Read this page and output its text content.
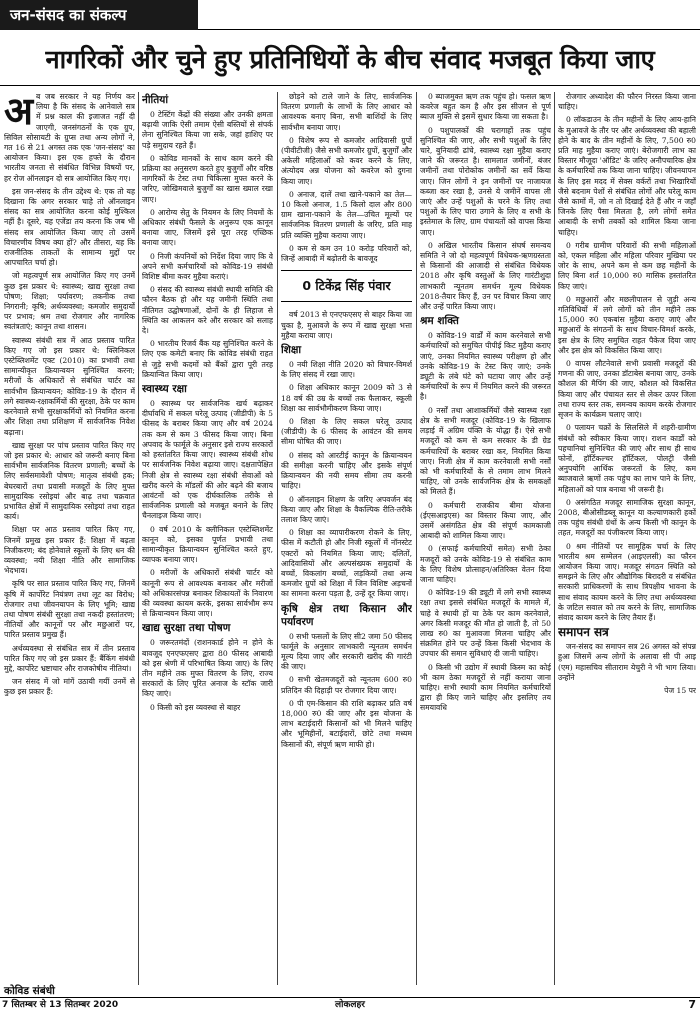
जन-संसद का संकल्प
नागरिकों और चुने हुए प्रतिनिधियों के बीच संवाद मजबूत किया जाए

अब जब सरकार ने यह निर्णय कर लिया है कि संसद के आनेवाले सत्र में प्रश्न काल की इजाजत नहीं दी जाएगी, जनसंगठनों के एक ग्रुप, सिविल सोसायटी के ग्रुप्स तथा अन्य लोगों ने, गत 16 से 21 अगस्त तक एक 'जन-संसद' का आयोजन किया। इस एक हफ्ते के दौरान भारतीय जनता से संबंधित विभिन्न विषयों पर, हर रोज ऑनलाइन दो सत्र आयोजित किए गए।

इस जन-संसद के तीन उद्देश्य थे: एक तो यह दिखाना कि अगर सरकार चाहे तो ऑनलाइन संसद का सत्र आयोजित करना कोई मुश्किल नहीं है। दूसरे, यह एजेंडा तय करना कि जब भी संसद सत्र आयोजित किया जाए तो उसमें विचारणीय विषय क्या हों? और तीसरा, यह कि राजनीतिक ताकतों के सामान्य मुद्दों पर आपचारित चर्चा हो।

जो महत्वपूर्ण सत्र आयोजित किए गए उनमें कुछ इस प्रकार थे: स्वास्थ्य; खाद्य सुरक्षा तथा पोषण; शिक्षा; पर्यावरण; तकनीक तथा निगरानी; कृषि; अर्थव्यवस्था; कमजोर समुदायों पर प्रभाव; श्रम तथा रोजगार और नागरिक स्वतंत्रताएं; कानून तथा शासन।

स्वास्थ्य संबंधी सत्र में आठ प्रस्ताव पारित किए गए जो इस प्रकार थे: क्लिनिकल एस्टेब्लिशमेंट एक्ट (2010) का प्रभावी तथा सामान्यीकृत क्रियान्वयन सुनिश्चित करना; मरीजों के अधिकारों से संबंधित चार्टर का सार्वभौम क्रियान्वयन; कोविड-19 के दौरान में लगे स्वास्थ्य-रक्षाकर्मियों की सुरक्षा, ठेके पर काम करनेवाले सभी सुरक्षाकर्मियों को नियमित करना और शिक्षा तथा प्रशिक्षण में सार्वजनिक निवेश बढ़ाना।

खाद्य सुरक्षा पर पांच प्रस्ताव पारित किए गए जो इस प्रकार थे: आधार को जरूरी बनाए बिना सार्वभौम सार्वजनिक वितरण प्रणाली; बच्चों के लिए सर्वसमावेशी पोषण; मातृत्व संबंधी हक; बेघरबारों तथा प्रवासी मजदूरों के लिए मुफ्त सामुदायिक रसोइयां और बाढ़ तथा चक्रवात प्रभावित क्षेत्रों में सामुदायिक रसोइयां तथा राहत कार्य।

शिक्षा पर आठ प्रस्ताव पारित किए गए, जिनमें प्रमुख इस प्रकार हैं: शिक्षा में बढ़ता निजीकरण; बंद होनेवाले स्कूलों के लिए धन की व्यवस्था; नयी शिक्षा नीति और सामाजिक भेदभाव।

कृषि पर सात प्रस्ताव पारित किए गए, जिनमें कृषि में कार्पोरेट नियंत्रण तथा लूट का विरोध; रोजगार तथा जीवनयापन के लिए भूमि; खाद्य तथा पोषण संबंधी सुरक्षा तथा नकदी हस्तांतरण; नीतियों और कानूनों पर और मछुआरों पर, पारित प्रस्ताव प्रमुख हैं।

अर्थव्यवस्था से संबंधित सत्र में तीन प्रस्ताव पारित किए गए जो इस प्रकार हैं: बैंकिंग संबंधी मुद्दे, कार्पोरेट भ्रष्टाचार और राजकोषीय नीतियां।

जन संसद में जो मांगें उठायी गयीं उनमें से कुछ इस प्रकार हैं:

कोविड संबंधी
नीतियां

0 टेस्टिंग केंद्रों की संख्या और उनकी क्षमता बढ़ायी जाकि ऐसी तमाम ऐसी बस्तियों से संपर्क लेना सुनिश्चित किया जा सके, जहां हाशिए पर पड़े समुदाय रहते हैं।

0 कोविड मानकों के साथ काम करने की प्रक्रिया का अनुसरण करते हुए बुजुर्गों और वरिष्ठ नागरिकों के टेस्ट तथा चिकित्सा मुफ्त करने के जरिए, जोखिमवाले बुजुर्गों का खास ख्याल रखा जाए।

0 आरोग्य सेतु के नियमन के लिए नियमों के अधिकार संबंधी फैसले के अनुरूप एक कानून बनाया जाए, जिसमें इसे पूरा तरह एच्छिक बनाया जाए।

0 निजी कंपनियों को निर्देश दिया जाए कि वे अपने सभी कर्मचारियों को कोविड-19 संबंधी विशिष्ट बीमा कवर मुहैया कराएं।

0 संसद की स्वास्थ्य संबंधी स्थायी समिति की फौरन बैठक हो और यह जमीनी स्थिति तथा नीतिगत उद्घोषणाओं, दोनों के ही लिहाज से स्थिति का आकलन करे और सरकार को सलाह दे।

0 भारतीय रिजर्व बैंक यह सुनिश्चित करने के लिए एक कमेटी बनाए कि कोविड संबंधी राहत से जुड़े सभी कदमों को बैंकों द्वारा पूरी तरह क्रियान्वित किया जाए।

स्वास्थ्य रक्षा

0 स्वास्थ्य पर सार्वजनिक खर्च बढ़ाकर दीर्घावधि में सकल घरेलू उत्पाद (जीडीपी) के 5 फीसद के बराबर किया जाए और वर्ष 2024 तक कम से कम 3 फीसद किया जाए। बिना अपवाद के फार्मूले के अनुसार इसे राज्य सरकारों को हस्तांतरित किया जाए। स्वास्थ्य संबंधी शोध पर सार्वजनिक निवेश बढ़ाया जाए। दक्षतापेक्षित निजी क्षेत्र से स्वास्थ्य रक्षा संबंधी सेवाओं को खरीद करने के मॉडलों की ओर बढ़ने की बजाय आवंटनों को एक दीर्घकालिक तरीके से सार्वजनिक प्रणाली को मजबूत बनाने के लिए चैनलाइज किया जाए।

0 वर्ष 2010 के क्लीनिकल एस्टेब्लिशमेंट कानून को, इसका पूर्णत प्रभावी तथा सामान्यीकृत क्रियान्वयन सुनिश्चित करते हुए, व्यापक बनाया जाए।

0 मरीजों के अधिकारों संबंधी चार्टर को कानूनी रूप से आवश्यक बनाकर और मरीजों को अधिकारसंपन्न बनाकर शिकायतों के निवारण की व्यवस्था कायम करके, इसका सार्वभौम रूप से क्रियान्वयन किया जाए।

खाद्य सुरक्षा तथा पोषण

0 जरूरतमंदों (राशनकार्ड होने न होने के बावजूद एनएफएसए द्वारा 80 फीसद आबादी को इस श्रेणी में परिभाषित किया जाए) के लिए तीन महीने तक मुफ्त वितरण के लिए, राज्य सरकारों के लिए पूरित अनाज के स्टॉक जारी किए जाएं।

0 किसी को इस व्यवस्था से बाहर

छोड़ने को टाले जाने के लिए, सार्वजनिक वितरण प्रणाली के लाभों के लिए आधार को आवश्यक बनाए बिना, सभी बाशिंदों के लिए सार्वभौम बनाया जाए।

0 विशेष रूप से कमजोर आदिवासी ग्रुपों (पीवीटीजी) जैसे सभी कमजोर ग्रुपों, बुजुर्गों और अकेली महिलाओं को कवर करने के लिए, अंत्योदय अन्न योजना को कवरेज को दुगना किया जाए।

0 अनाज, दालें तथा खाने-पकाने का तेल—10 किलो अनाज, 1.5 किलो दाल और 800 ग्राम खाना-पकाने के तेल—उचित मूल्यों पर सार्वजनिक वितरण प्रणाली के जरिए, प्रति माह प्रति व्यक्ति मुहैया कराया जाए।

0 कम से कम उन 10 करोड़ परिवारों को, जिन्हें आबादी में बढ़ोतरी के बावजूद

0 टिकेंद्र सिंह पंवार

वर्ष 2013 से एनएफएसए से बाहर किया जा चुका है, मुआवजे के रूप में खाद्य सुरक्षा भत्ता मुहैया कराया जाए।

शिक्षा

0 नयी शिक्षा नीति 2020 को विचार-विमर्श के लिए संसद में रखा जाए।

0 शिक्षा अधिकार कानून 2009 को 3 से 18 वर्ष की उम्र के बच्चों तक फैलाकर, स्कूली शिक्षा का सार्वभौमीकरण किया जाए।

0 शिक्षा के लिए सकल घरेलू उत्पाद (जीडीपी) के 6 फीसद के आवंटन की समय सीमा घोषित की जाए।

0 संसद को आरटीई कानून के क्रियान्वयन की समीक्षा करनी चाहिए और इसके संपूर्ण क्रियान्वयन की नयी समय सीमा तय करनी चाहिए।

0 ऑनलाइन शिक्षण के जरिए अपवर्जन बंद किया जाए और शिक्षा के वैकल्पिक रीति-तरीके तलाश किए जाएं।

0 शिक्षा का व्यापारीकरण रोकने के लिए, फीस में कटौती हो और निजी स्कूलों में नॉनस्टेट एक्टरों को नियमित किया जाए; दलितों, आदिवासियों और अल्पसंख्यक समुदायों के बच्चों, विकलांग बच्चों, लड़कियों तथा अन्य कमजोर ग्रुपों को शिक्षा में जिन विशिष्ट अड़चनों का सामना करना पड़ता है, उन्हें दूर किया जाए।

कृषि क्षेत्र तथा किसान और पर्यावरण

0 सभी फसलों के लिए सी2 जमा 50 फीसद फार्मूले के अनुसार लाभकारी न्यूनतम समर्थन मूल्य दिया जाए और सरकारी खरीद की गारंटी की जाए।

0 सभी खेतमजदूरों को न्यूनतम 600 रु0 प्रतिदिन की दिहाड़ी पर रोजगार दिया जाए।

0 पी एम-किसान की राशि बढ़ाकर प्रति वर्ष 18,000 रु0 की जाए और इस योजना के लाभ बटाईदारी किसानों को भी मिलने चाहिए और भूमिहीनों, बटाईदारों, छोटे तथा मध्यम किसानों की, संपूर्ण ऋण माफी हो।

0 ब्याजमुक्त ऋण तक पहुंच हो। फसल ऋण कवरेज बहुत कम है और इस सीजन से पूर्ण ब्याज मुक्ति से इसमें सुधार किया जा सकता है।

0 पशुपालकों की चरागाहों तक पहुंच सुनिश्चित की जाए, और सभी पशुओं के लिए चारे, बुनियादी ढांचे, स्वास्थ्य रक्षा मुहैया कराए जाने की जरूरत है। सामलात जमीनों, बंजर जमीनों तथा पोरोकोक जमीनों का सर्वे किया जाए। जिन लोगों ने इन जमीनों पर नाजायज कब्जा कर रखा है, उनसे ये जमीनें वापस ली जाएं और उन्हें पशुओं के चरने के लिए तथा पशुओं के लिए चारा उगाने के लिए व सभी के इस्तेमाल के लिए, ग्राम पंचायतों को वापस किया जाए।

0 अखिल भारतीय किसान संघर्ष समन्वय समिति ने जो दो महत्वपूर्ण विधेयक-ऋणग्रस्तता से किसानों की आजादी से संबंधित विधेयक 2018 और कृषि वस्तुओं के लिए गारंटीशुदा लाभकारी न्यूनतम समर्थन मूल्य विधेयक 2018-तैयार किए हैं, उन पर विचार किया जाए और उन्हें पारित किया जाए।

श्रम शक्ति

0 कोविड-19 वार्डों में काम करनेवाले सभी कर्मचारियों को समुचित पीपीई किट मुहैया कराए जाएं, उनका नियमित स्वास्थ्य परीक्षण हो और उनके कोविड-19 के टेस्ट किए जाएं; उनके ड्यूटी के लंबे घंटे को घटाया जाए और उन्हें कर्मचारियों के रूप में नियमित करने की जरूरत है।

0 नर्सों तथा आशाकर्मियों जैसे स्वास्थ्य रक्षा क्षेत्र के सभी मजदूर (कोविड-19 के खिलाफ लड़ाई में अग्रिम पंक्ति के योद्धा हैं। ऐसे सभी मजदूरों को कम से कम सरकार के डी ग्रेड कर्मचारियों के बराबर रखा कर, नियमित किया जाए। निजी क्षेत्र में काम करनेवाली सभी नर्सों को भी कर्मचारियों के से तमाम लाभ मिलने चाहिए, जो उनके सार्वजनिक क्षेत्र के समकक्षों को मिलते हैं।

0 कर्मचारी राजकीय बीमा योजना (ईएसआइएस) का विस्तार किया जाए, और उसमें असंगठित क्षेत्र की संपूर्ण कामकाजी आबादी को शामिल किया जाए।

0 (सफाई कर्मचारियों समेत) सभी ठेका मजदूरों को उनके कोविड-19 से संबंधित काम के लिए विशेष प्रोत्साहन/अतिरिक्त वेतन दिया जाना चाहिए।

0 कोविड-19 की ड्यूटी में लगे सभी स्वास्थ्य रक्षा तथा इससे संबंधित मजदूरों के मामले में, चाहे वे स्थायी हों या ठेके पर काम करनेवाले, अगर किसी मजदूर की मौत हो जाती है, तो 50 लाख रु0 का मुआवजा मिलना चाहिए और संक्रमित होने पर उन्हें किस किसी भेदभाव के उपचार की समान सुविधाएं दी जानी चाहिए।

0 किसी भी उद्योग में स्थायी किस्म का कोई भी काम ठेका मजदूरों से नहीं कराया जाना चाहिए। सभी स्थायी काम नियमित कर्मचारियों द्वारा ही किए जाने चाहिए और इसलिए तय समयावधि

रोजगार अध्यादेश की फौरन निरस्त किया जाना चाहिए।

0 लॉकडाउन के तीन महीनों के लिए आय-हानि के मुआवजे के तौर पर और अर्थव्यवस्था की बहाली होने के बाद के तीन महीनों के लिए, 7,500 रु0 प्रति माह मुहैया कराए जाएं। बेरोजगारी लाभ का विस्तार मौजूदा 'ऑडिट' के जरिए अनौपचारिक क्षेत्र के कर्मचारियों तक किया जाना चाहिए। जीवनयापन के लिए इस मदद में सेक्स वर्करों तथा भिखारियों जैसे बदनाम पेशों से संबंधित लोगों और घरेलू काम जैसे कामों में, जो न तो दिखाई देते हैं और न जहाँ जिनके लिए पैसा मिलता है, लगे लोगों समेत आबादी के सभी तबकों को शामिल किया जाना चाहिए।

0 गरीब ग्रामीण परिवारों की सभी महिलाओं को, एकल महिला और महिला परिवार मुखिया पर जोर के साथ, अपने कम से कम छह महीनों के लिए बिना शर्त 10,000 रु0 मासिक हस्तांतरित किए जाएं।

0 मछुआरों और मछलीपालन से जुड़ी अन्य गतिविधियों में लगे लोगों को तीन महीने तक 15,000 रु0 एकबांस मुहैया कराए जाएं और मछुआरों के संगठनों के साथ विचार-विमर्श करके, इस क्षेत्र के लिए समुचित राहत पैकेज दिया जाए और इस क्षेत्र को विकसित किया जाए।

0 वापस लौटनेवाले सभी प्रवासी मजदूरों की गणना की जाए, उनका डॉटाबेस बनाया जाए, उनके कौशल की मैपिंग की जाए, कौशल को विकसित किया जाए और पंचायत स्तर से लेकर ऊपर जिला तथा राज्य स्तर तक, समन्वय कायम करके रोजगार सृजन के कार्यक्रम चलाए जाएं।

0 पलायन चक्रों के सिलसिले में शहरी-ग्रामीण संबंधों को स्वीकार किया जाए। राशन कार्डों को पहचानियां सुनिश्चित की जाएं और साथ ही साथ फोनों, हॉर्टिकल्चर हॉर्टिकल, पोलट्री जैसी अनुपयोगि आर्थिक जरूरतों के लिए, कम ब्याजवाले ऋणों तक पहुंच का लाभ पाने के लिए, महिलाओं को पात्र बनाया भी जरूरी है।

0 असंगठित मजदूर सामाजिक सुरक्षा कानून, 2008, बीओसीडब्लू कानून या कल्याणकारी हकों तक पहुंच संबंधी ग्रंथों के अन्य किसी भी कानून के तहत, मजदूरों का पंजीकरण किया जाए।

0 श्रम नीतियों पर सामूहिक चर्चा के लिए भारतीय श्रम सम्मेलन (आइएलसी) का फौरन आयोजन किया जाए। मजदूर संगठन स्थिति को समझने के लिए और औद्योगिक बिरादरी व संबंधित सरकारी प्राधिकरणों के साथ त्रिपक्षीय भावना के साथ संवाद कायम करने के लिए तथा अर्थव्यवस्था के जटिल सवाल को तय करने के लिए, सामाजिक संवाद कायम करने के लिए तैयार हैं।

समापन सत्र

जन-संसद का समापन सत्र 26 अगस्त को संपन्न हुआ जिसमें अन्य लोगों के अलावा सी पी आइ (एम) महासचिव सीताराम येचुरी ने भी भाग लिया। उन्होंने

पेज 15 पर
7 सितम्बर से 13 सितम्बर 2020	लोकलहर	7
